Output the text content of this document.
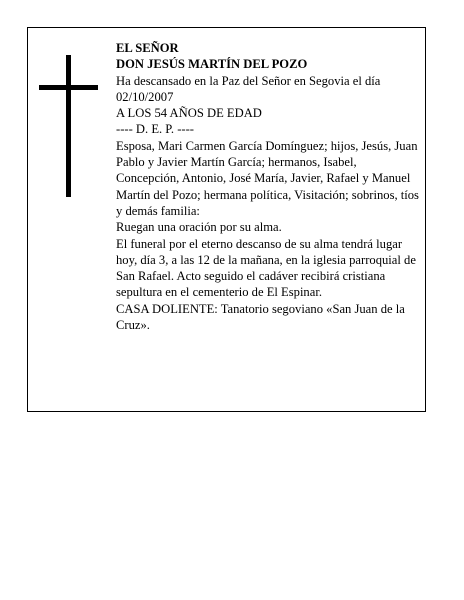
EL SEÑOR

DON JESÚS MARTÍN DEL POZO

Ha descansado en la Paz del Señor en Segovia el día 02/10/2007

A LOS 54 AÑOS DE EDAD

---- D. E. P. ----

Esposa, Mari Carmen García Domínguez; hijos, Jesús, Juan Pablo y Javier Martín García; hermanos, Isabel, Concepción, Antonio, José María, Javier, Rafael y Manuel Martín del Pozo; hermana política, Visitación; sobrinos, tíos y demás familia:

Ruegan una oración por su alma.

El funeral por el eterno descanso de su alma tendrá lugar hoy, día 3, a las 12 de la mañana, en la iglesia parroquial de San Rafael. Acto seguido el cadáver recibirá cristiana sepultura en el cementerio de El Espinar.

CASA DOLIENTE: Tanatorio segoviano «San Juan de la Cruz».
